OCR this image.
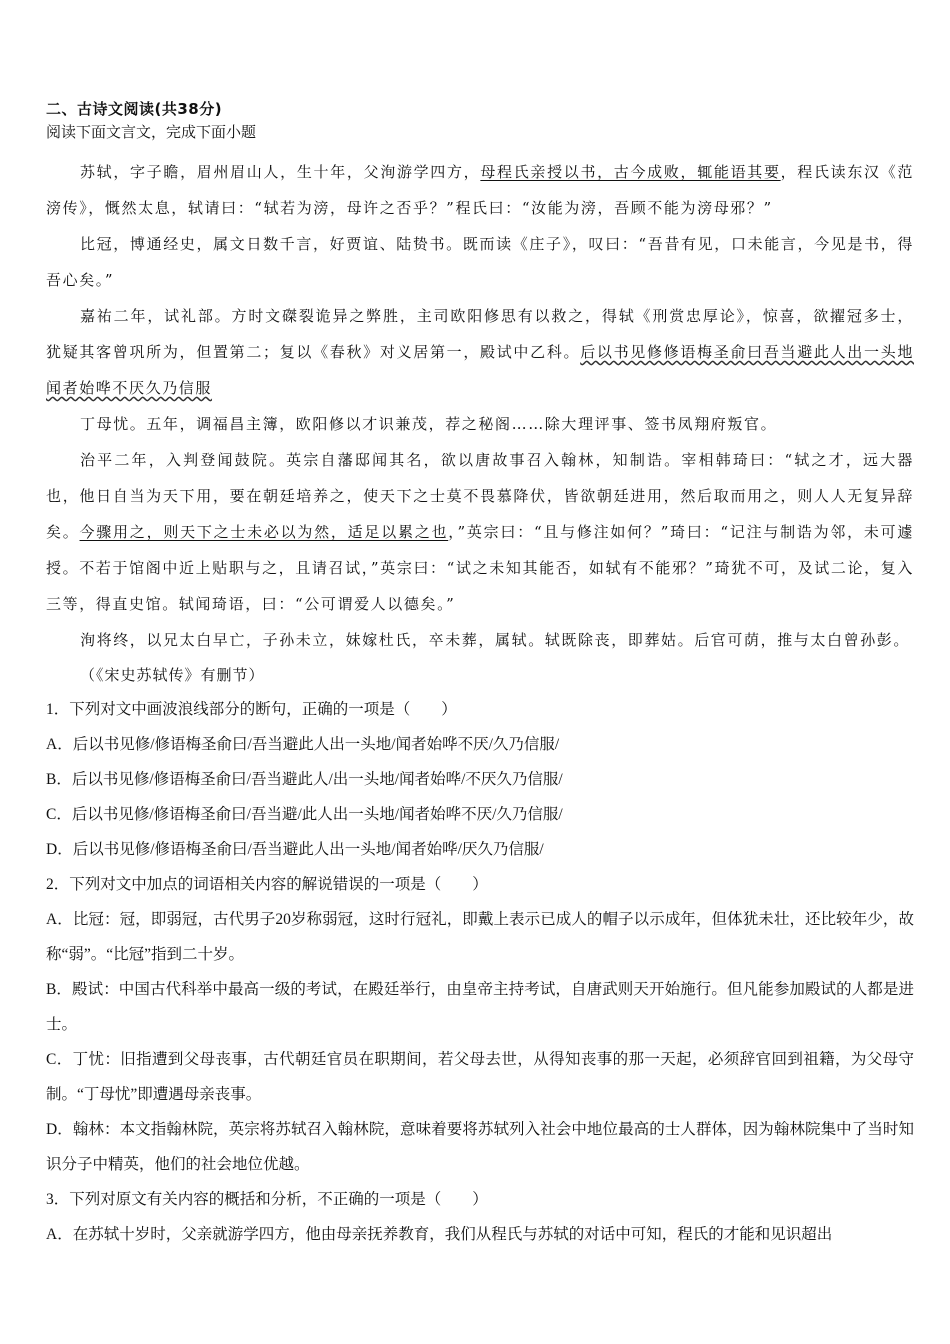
二、古诗文阅读(共38分)
阅读下面文言文，完成下面小题

苏轼，字子瞻，眉州眉山人，生十年，父洵游学四方，母程氏亲授以书，古今成败，辄能语其要，程氏读东汉《范滂传》，慨然太息，轼请曰：“轼若为滂，母许之否乎？”程氏曰：“汝能为滂，吾顾不能为滂母邪？”

比冠，博通经史，属文日数千言，好贾谊、陆贽书。既而读《庄子》，叹曰：“吾昔有见，口未能言，今见是书，得吾心矣。”

嘉祐二年，试礼部。方时文磔裂诡异之弊胜，主司欧阳修思有以救之，得轼《刑赏忠厚论》，惊喜，欲擢冠多士，犹疑其客曾巩所为，但置第二；复以《春秋》对义居第一，殿试中乙科。后以书见修修语梅圣俞曰吾当避此人出一头地闻者始哗不厌久乃信服

丁母忧。五年，调福昌主簿，欧阳修以才识兼茂，荐之秘阁……除大理评事、签书凤翔府叛官。

治平二年，入判登闻鼓院。英宗自藩邸闻其名，欲以唐故事召入翰林，知制诰。宰相韩琦曰：“轼之才，远大器也，他日自当为天下用，要在朝廷培养之，使天下之士莫不畏慕降伏，皆欲朝廷进用，然后取而用之，则人人无复异辞矣。今骤用之，则天下之士未必以为然，适足以累之也，”英宗曰：“且与修注如何？”琦曰：“记注与制诰为邻，未可遽授。不若于馆阁中近上贴职与之，且请召试，”英宗曰：“试之未知其能否，如轼有不能邪？”琦犹不可，及试二论，复入三等，得直史馆。轼闻琦语，曰：“公可谓爱人以德矣。”

洵将终，以兄太白早亡，子孙未立，妹嫁杜氏，卒未葬，属轼。轼既除丧，即葬姑。后官可荫，推与太白曾孙彭。

（《宋史苏轼传》有删节）
1．下列对文中画波浪线部分的断句，正确的一项是（　　）
A．后以书见修/修语梅圣俞曰/吾当避此人出一头地/闻者始哗不厌/久乃信服/
B．后以书见修/修语梅圣俞曰/吾当避此人/出一头地/闻者始哗/不厌久乃信服/
C．后以书见修/修语梅圣俞曰/吾当避/此人出一头地/闻者始哗不厌/久乃信服/
D．后以书见修/修语梅圣俞曰/吾当避此人出一头地/闻者始哗/厌久乃信服/
2．下列对文中加点的词语相关内容的解说错误的一项是（　　）
A．比冠：冠，即弱冠，古代男子20岁称弱冠，这时行冠礼，即戴上表示已成人的帽子以示成年，但体犹未壮，还比较年少，故称“弱”。“比冠”指到二十岁。
B．殿试：中国古代科举中最高一级的考试，在殿廷举行，由皇帝主持考试，自唐武则天开始施行。但凡能参加殿试的人都是进士。
C．丁忧：旧指遭到父母丧事，古代朝廷官员在职期间，若父母去世，从得知丧事的那一天起，必须辞官回到祖籍，为父母守制。“丁母忧”即遭遇母亲丧事。
D．翰林：本文指翰林院，英宗将苏轼召入翰林院，意味着要将苏轼列入社会中地位最高的士人群体，因为翰林院集中了当时知识分子中精英，他们的社会地位优越。
3．下列对原文有关内容的概括和分析，不正确的一项是（　　）
A．在苏轼十岁时，父亲就游学四方，他由母亲抚养教育，我们从程氏与苏轼的对话中可知，程氏的才能和见识超出
